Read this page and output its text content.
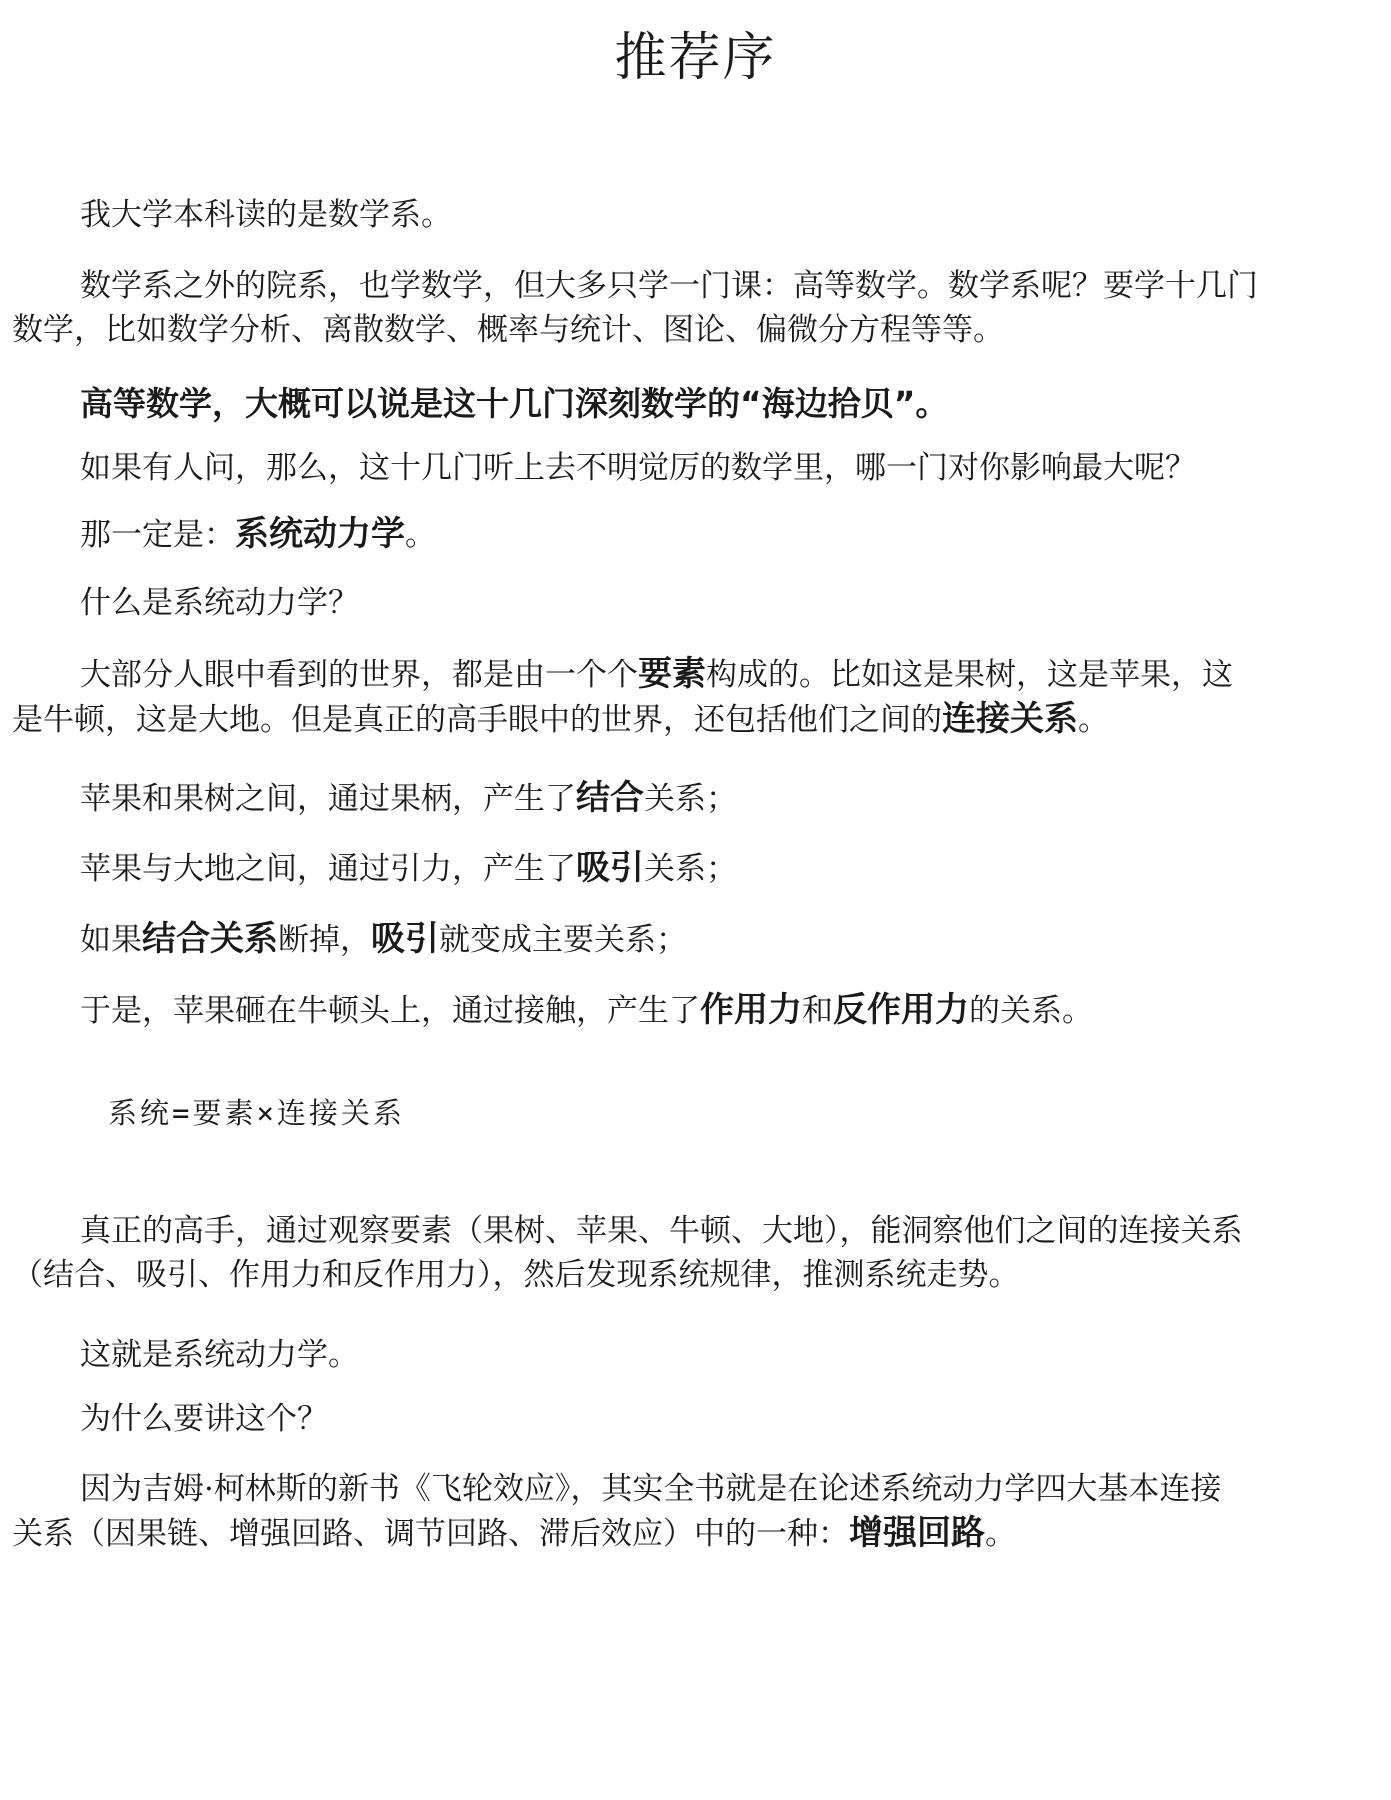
推荐序
我大学本科读的是数学系。
数学系之外的院系，也学数学，但大多只学一门课：高等数学。数学系呢？要学十几门
数学，比如数学分析、离散数学、概率与统计、图论、偏微分方程等等。
高等数学，大概可以说是这十几门深刻数学的“海边拾贝”。
如果有人问，那么，这十几门听上去不明觉厉的数学里，哪一门对你影响最大呢？
那一定是：系统动力学。
什么是系统动力学？
大部分人眼中看到的世界，都是由一个个要素构成的。比如这是果树，这是苹果，这
是牛顿，这是大地。但是真正的高手眼中的世界，还包括他们之间的连接关系。
苹果和果树之间，通过果柄，产生了结合关系；
苹果与大地之间，通过引力，产生了吸引关系；
如果结合关系断掉，吸引就变成主要关系；
于是，苹果砸在牛顿头上，通过接触，产生了作用力和反作用力的关系。
系统=要素×连接关系
真正的高手，通过观察要素（果树、苹果、牛顿、大地），能洞察他们之间的连接关系
（结合、吸引、作用力和反作用力），然后发现系统规律，推测系统走势。
这就是系统动力学。
为什么要讲这个？
因为吉姆·柯林斯的新书《飞轮效应》，其实全书就是在论述系统动力学四大基本连接
关系（因果链、增强回路、调节回路、滞后效应）中的一种：增强回路。
